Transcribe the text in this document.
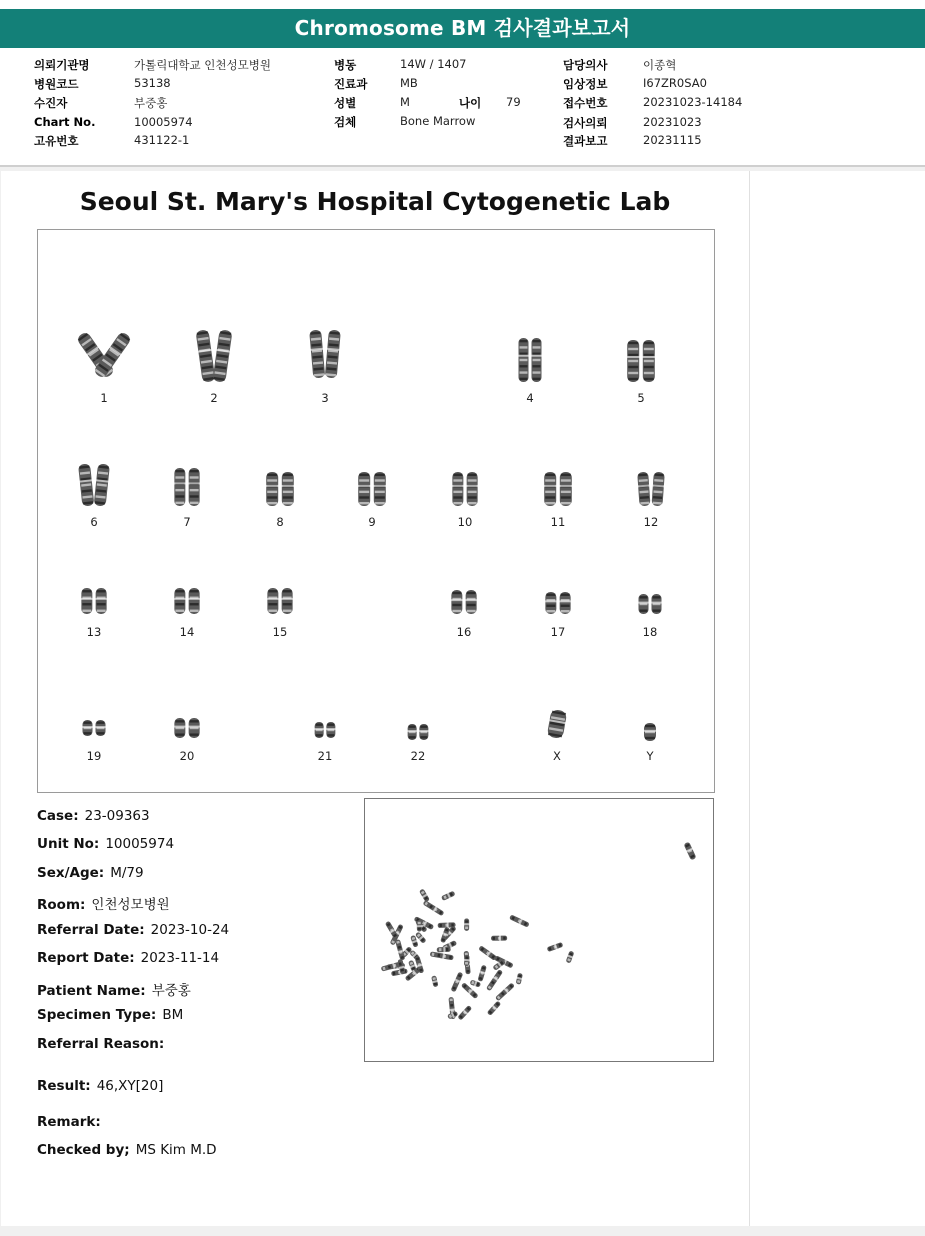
Chromosome BM 검사결과보고서
의뢰기관명	가톨릭대학교 인천성모병원
병원코드	53138
수진자	부중홍
Chart No.	10005974
고유번호	431122-1
병동	14W / 1407
진료과	MB
성별	M	나이 79
검체	Bone Marrow
담당의사	이종혁
임상정보	I67ZR0SA0
접수번호	20231023-14184
검사의뢰	20231023
결과보고	20231115
Seoul St. Mary's Hospital Cytogenetic Lab
1	2	3	4	5
6	7	8	9	10	11	12
13	14	15	16	17	18
19	20	21	22	X	Y
Case: 23-09363
Unit No: 10005974
Sex/Age: M/79
Room: 인천성모병원
Referral Date: 2023-10-24
Report Date: 2023-11-14
Patient Name: 부중홍
Specimen Type: BM
Referral Reason:
Result: 46,XY[20]
Remark:
Checked by; MS Kim M.D
